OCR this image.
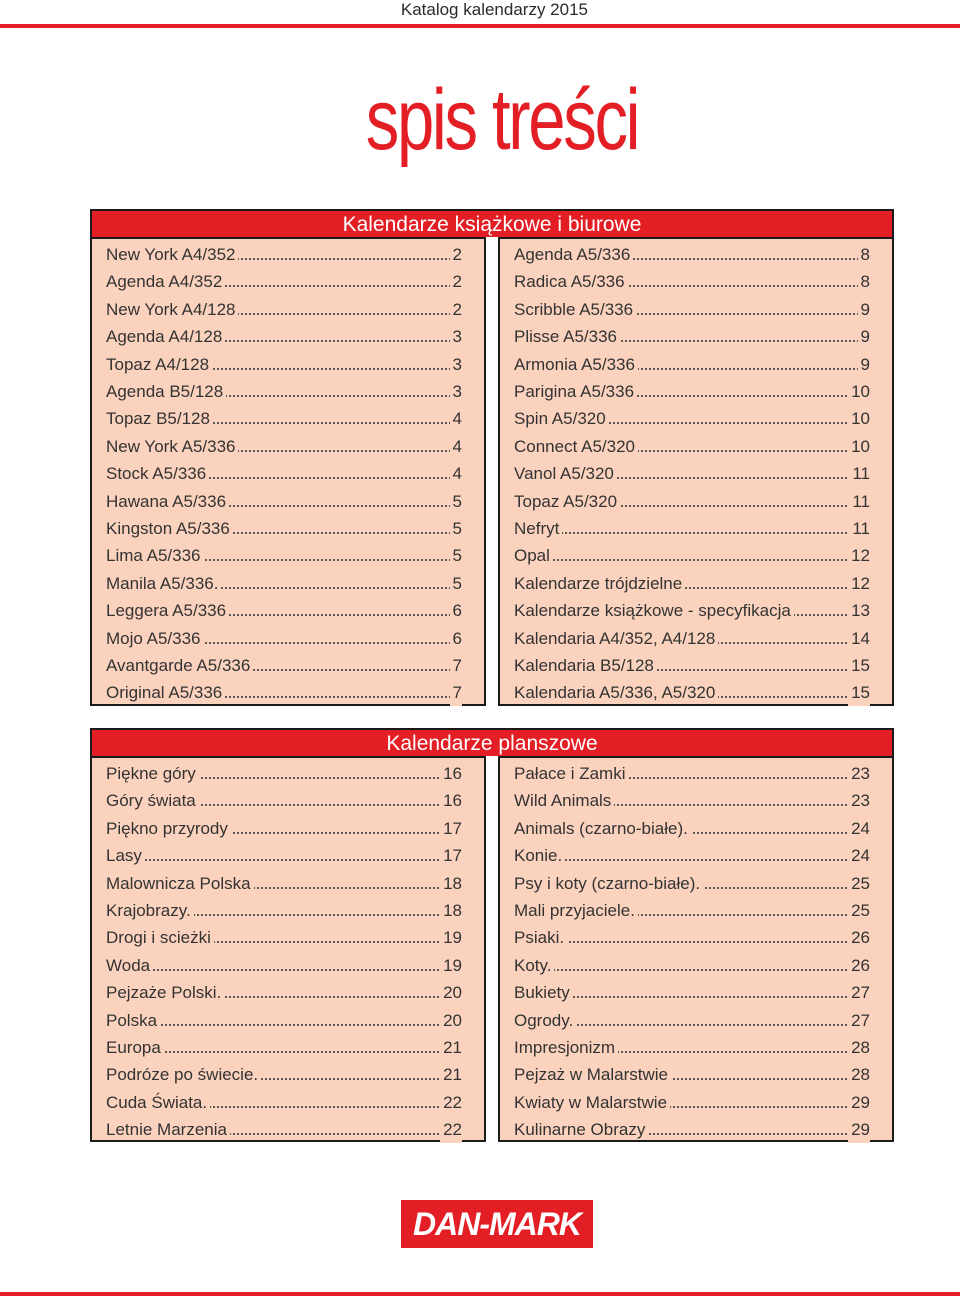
Katalog kalendarzy 2015
spis treści
Kalendarze książkowe i biurowe
New York A4/352	2
Agenda A4/352	2
New York A4/128	2
Agenda A4/128	3
Topaz A4/128	3
Agenda B5/128	3
Topaz B5/128	4
New York A5/336	4
Stock A5/336	4
Hawana A5/336	5
Kingston A5/336	5
Lima A5/336	5
Manila A5/336.	5
Leggera A5/336	6
Mojo A5/336	6
Avantgarde A5/336	7
Original A5/336	7
Agenda A5/336	8
Radica A5/336	8
Scribble A5/336	9
Plisse A5/336	9
Armonia A5/336	9
Parigina A5/336	10
Spin A5/320	10
Connect A5/320	10
Vanol A5/320	11
Topaz A5/320	11
Nefryt	11
Opal	12
Kalendarze trójdzielne	12
Kalendarze książkowe - specyfikacja	13
Kalendaria A4/352, A4/128	14
Kalendaria B5/128	15
Kalendaria A5/336, A5/320	15
Kalendarze planszowe
Piękne góry	16
Góry świata	16
Piękno przyrody	17
Lasy	17
Malownicza Polska	18
Krajobrazy.	18
Drogi i scieżki	19
Woda	19
Pejzaże Polski.	20
Polska	20
Europa	21
Podróze po świecie.	21
Cuda Świata.	22
Letnie Marzenia	22
Pałace i Zamki	23
Wild Animals	23
Animals (czarno-białe).	24
Konie.	24
Psy i koty (czarno-białe).	25
Mali przyjaciele.	25
Psiaki.	26
Koty.	26
Bukiety	27
Ogrody.	27
Impresjonizm	28
Pejzaż w Malarstwie	28
Kwiaty w Malarstwie	29
Kulinarne Obrazy	29
DAN-MARK
